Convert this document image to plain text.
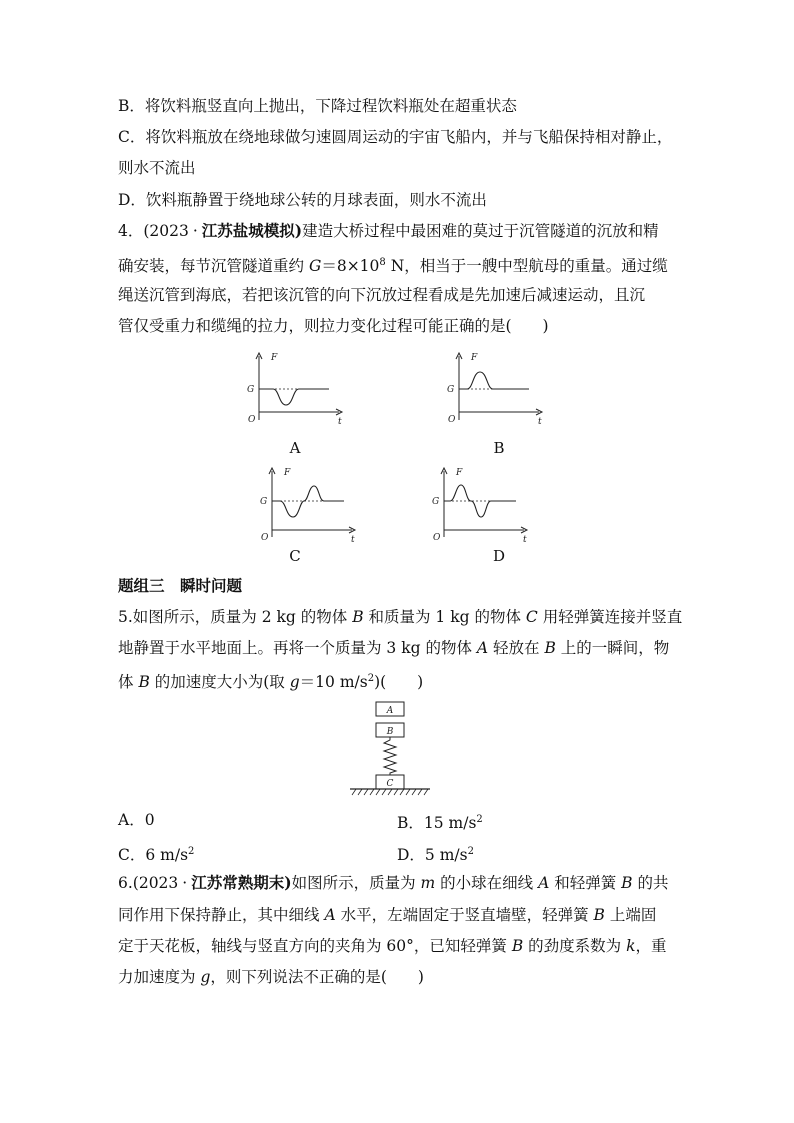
B．将饮料瓶竖直向上抛出，下降过程饮料瓶处在超重状态
C．将饮料瓶放在绕地球做匀速圆周运动的宇宙飞船内，并与飞船保持相对静止，
则水不流出
D．饮料瓶静置于绕地球公转的月球表面，则水不流出
4．(2023 · 江苏盐城模拟)建造大桥过程中最困难的莫过于沉管隧道的沉放和精
确安装，每节沉管隧道重约 $G=8\times 10^8$ N，相当于一艘中型航母的重量。通过缆
绳送沉管到海底，若把该沉管的向下沉放过程看成是先加速后减速运动，且沉
管仅受重力和缆绳的拉力，则拉力变化过程可能正确的是(　　)
F
t
O
G
A
F
t
O
G
B
F
t
O
G
C
F
t
O
G
D
题组三　瞬时问题
5.如图所示，质量为 2 kg 的物体 B 和质量为 1 kg 的物体 C 用轻弹簧连接并竖直
地静置于水平地面上。再将一个质量为 3 kg 的物体 A 轻放在 B 上的一瞬间，物
体 B 的加速度大小为(取 g＝10 $m/s^2$)(　　)
A
B
C
A．0	B．15 $m/s^2$
C．6 $m/s^2$	D．5 $m/s^2$
6.(2023 · 江苏常熟期末)如图所示，质量为 m 的小球在细线 A 和轻弹簧 B 的共
同作用下保持静止，其中细线 A 水平，左端固定于竖直墙壁，轻弹簧 B 上端固
定于天花板，轴线与竖直方向的夹角为 60°，已知轻弹簧 B 的劲度系数为 k，重
力加速度为 g，则下列说法不正确的是(　　)
